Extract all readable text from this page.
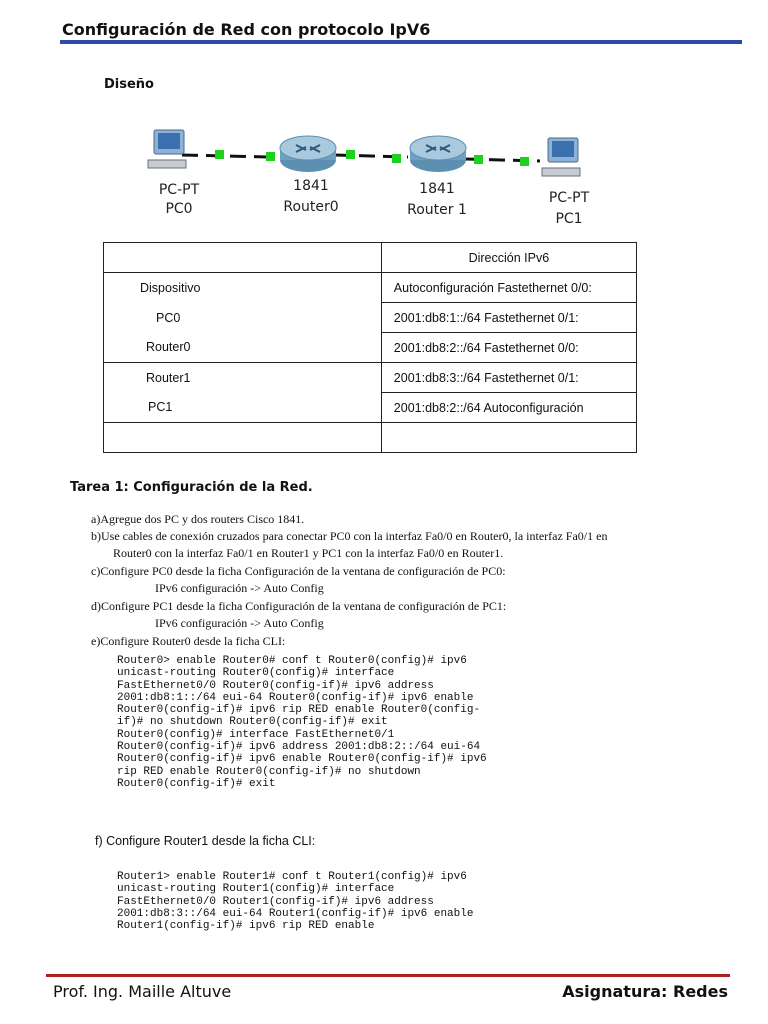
Configuración de Red con protocolo IpV6
Diseño
PC-PT
PC0
1841
Router0
1841
Router 1
PC-PT
PC1
	Dirección IPv6
Dispositivo	Autoconfiguración Fastethernet 0/0:
PC0	2001:db8:1::/64 Fastethernet 0/1:
Router0	2001:db8:2::/64 Fastethernet 0/0:
Router1	2001:db8:3::/64 Fastethernet 0/1:
PC1	2001:db8:2::/64 Autoconfiguración

Tarea 1: Configuración de la Red.
a)Agregue dos PC y dos routers Cisco 1841.
b)Use cables de conexión cruzados para conectar PC0 con la interfaz Fa0/0 en Router0, la interfaz Fa0/1 en
Router0 con la interfaz Fa0/1 en Router1 y PC1 con la interfaz Fa0/0 en Router1.
c)Configure PC0 desde la ficha Configuración de la ventana de configuración de PC0:
IPv6 configuración -> Auto Config
d)Configure PC1 desde la ficha Configuración de la ventana de configuración de PC1:
IPv6 configuración -> Auto Config
e)Configure Router0 desde la ficha CLI:
Router0> enable Router0# conf t Router0(config)# ipv6
unicast-routing Router0(config)# interface
FastEthernet0/0 Router0(config-if)# ipv6 address
2001:db8:1::/64 eui-64 Router0(config-if)# ipv6 enable
Router0(config-if)# ipv6 rip RED enable Router0(config-
if)# no shutdown Router0(config-if)# exit
Router0(config)# interface FastEthernet0/1
Router0(config-if)# ipv6 address 2001:db8:2::/64 eui-64
Router0(config-if)# ipv6 enable Router0(config-if)# ipv6
rip RED enable Router0(config-if)# no shutdown
Router0(config-if)# exit
f) Configure Router1 desde la ficha CLI:
Router1> enable Router1# conf t Router1(config)# ipv6
unicast-routing Router1(config)# interface
FastEthernet0/0 Router1(config-if)# ipv6 address
2001:db8:3::/64 eui-64 Router1(config-if)# ipv6 enable
Router1(config-if)# ipv6 rip RED enable
Prof. Ing. Maille Altuve	Asignatura: Redes
